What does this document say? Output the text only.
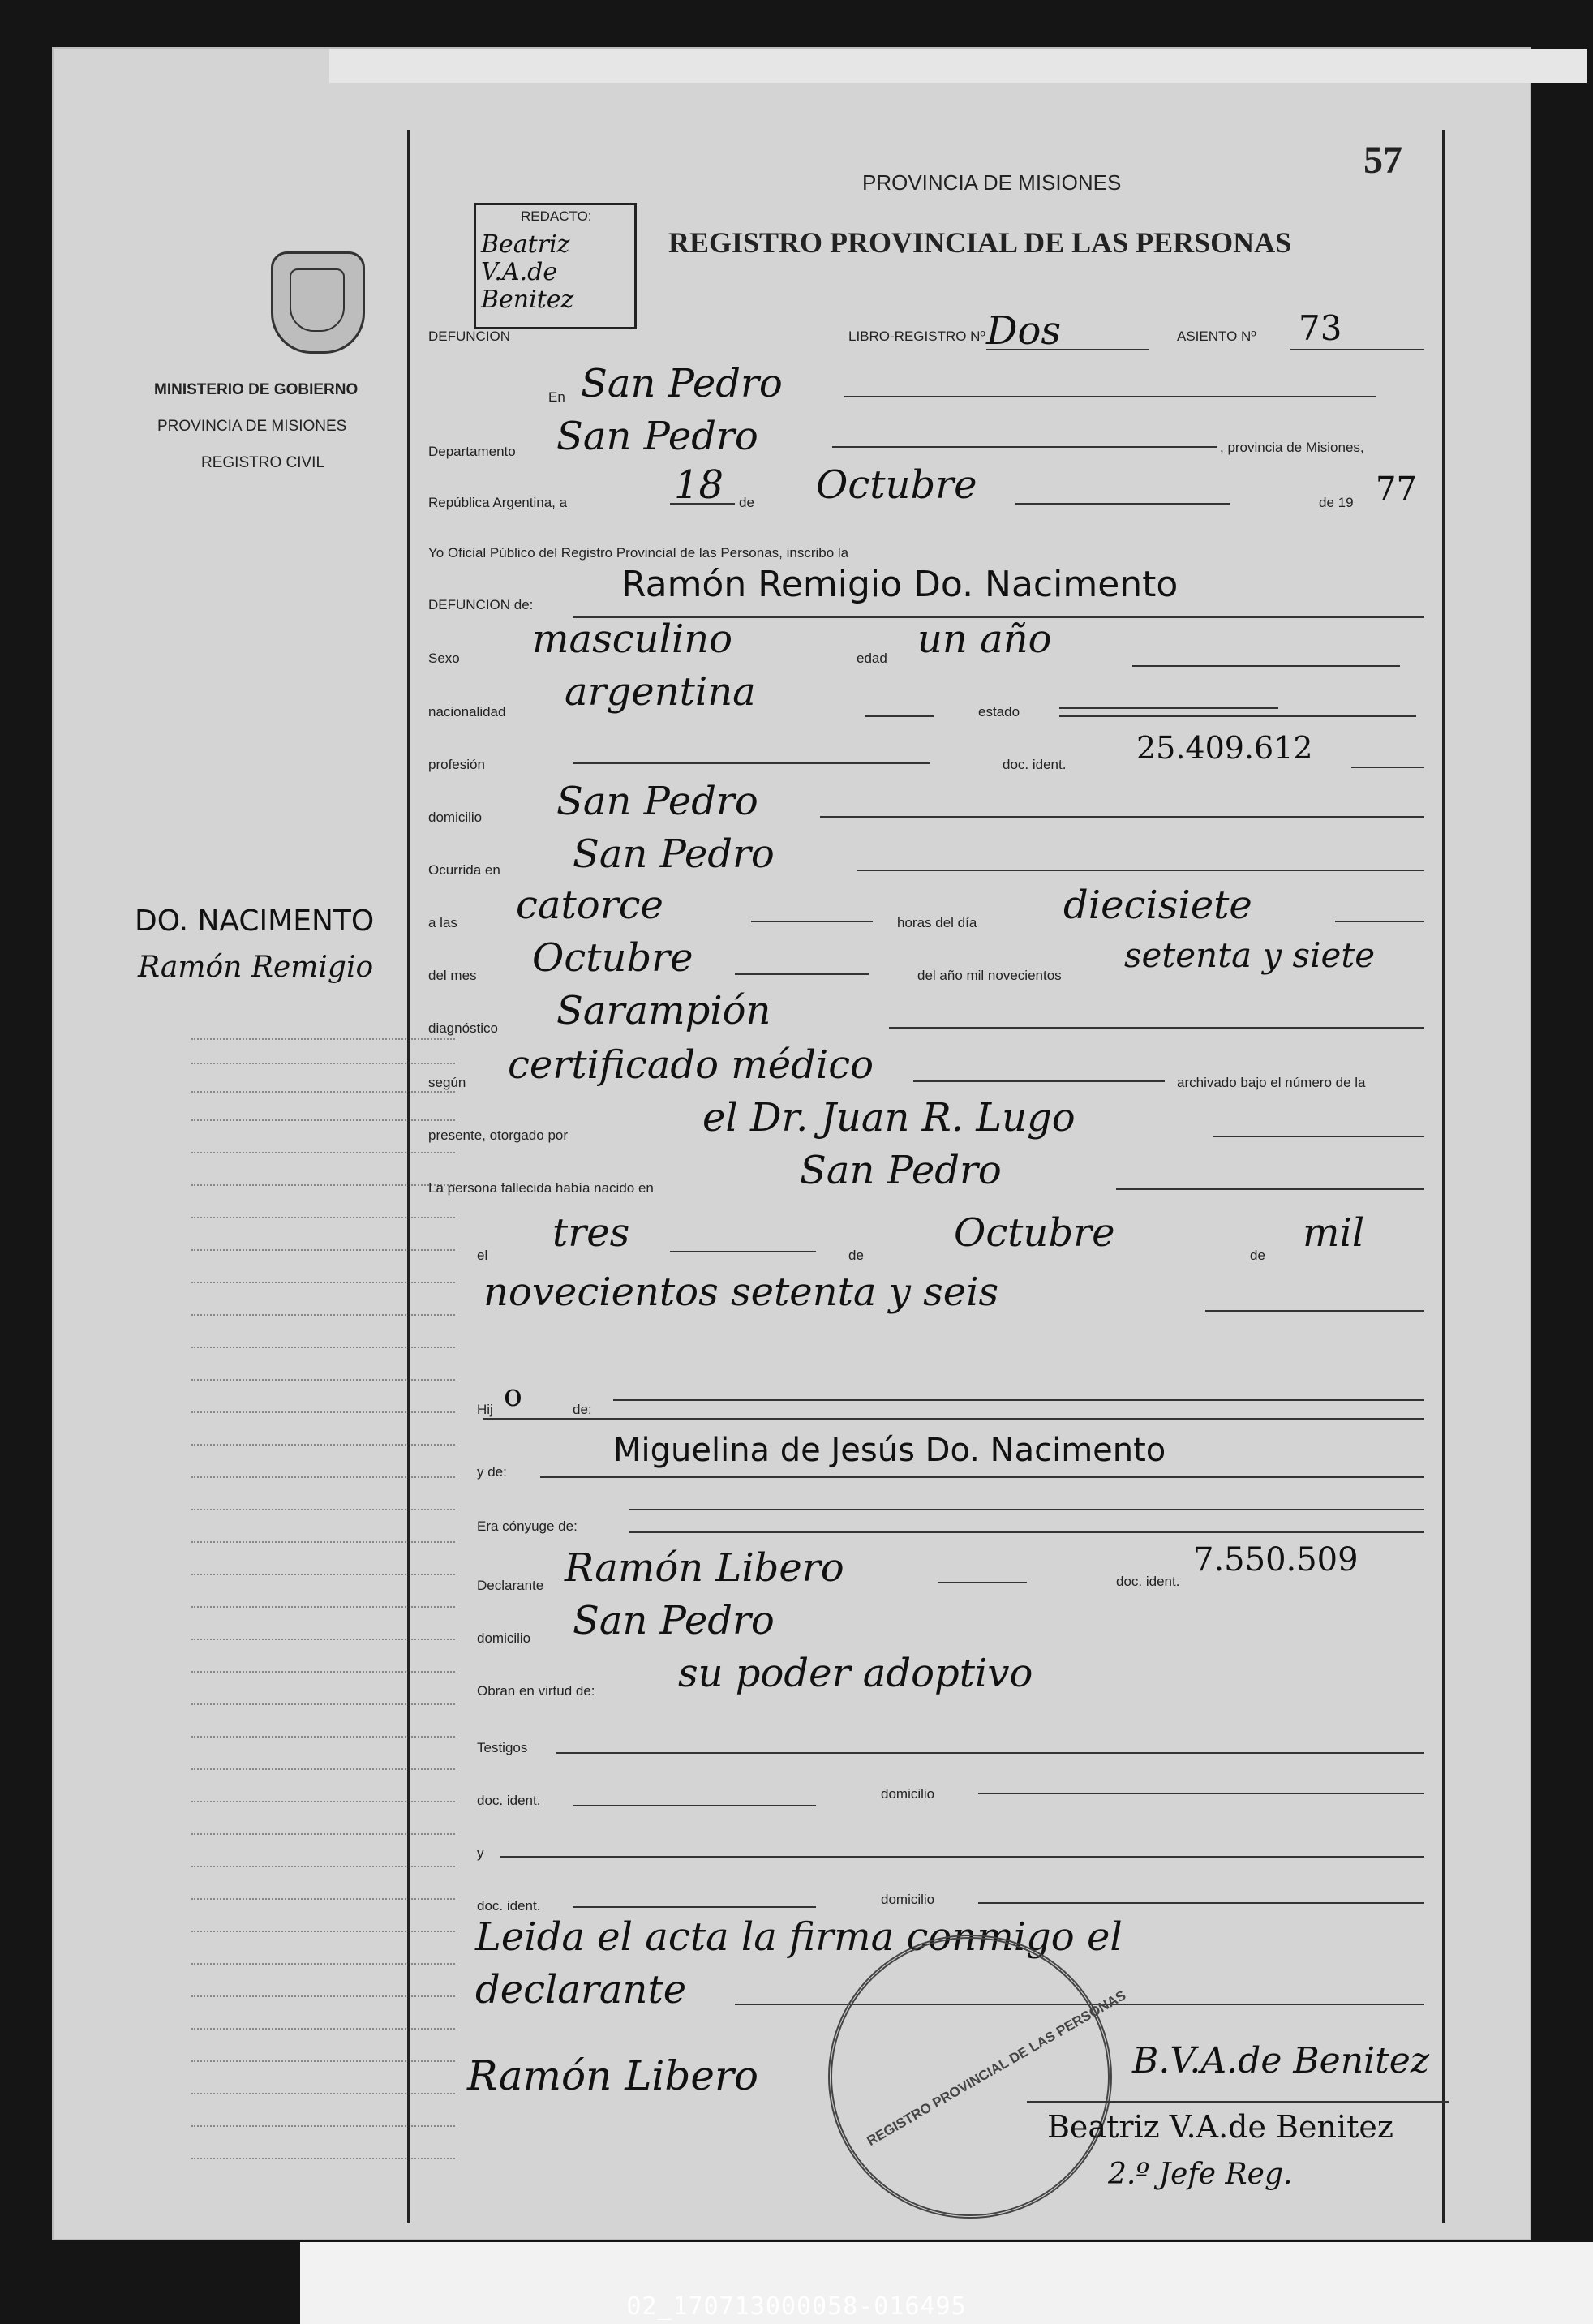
MINISTERIO DE GOBIERNO
PROVINCIA DE MISIONES
REGISTRO CIVIL
DO. NACIMENTO
Ramón Remigio
REDACTO:
Beatriz V.A.de Benitez
57
PROVINCIA DE MISIONES
REGISTRO PROVINCIAL DE LAS PERSONAS
DEFUNCION	LIBRO-REGISTRO Nº Dos	ASIENTO Nº 73
En San Pedro
Departamento San Pedro	, provincia de Misiones,
República Argentina, a	18 de Octubre	de 19 77
Yo Oficial Público del Registro Provincial de las Personas, inscribo la
DEFUNCION de: Ramón Remigio Do. Nacimento
Sexo masculino	edad un año
nacionalidad argentina	estado
profesión	doc. ident. 25.409.612
domicilio San Pedro
Ocurrida en San Pedro
a las catorce	horas del día diecisiete
del mes Octubre	del año mil novecientos
setenta y siete
diagnóstico Sarampión
según certificado médico	archivado bajo el número de la
presente, otorgado por	el Dr. Juan R. Lugo
La persona fallecida había nacido en	San Pedro
el tres	de Octubre	de mil
novecientos setenta y seis
Hij o	de:
y de:
Miguelina de Jesús Do. Nacimento
Era cónyuge de:
Declarante Ramón Libero	doc. ident.
7.550.509
domicilio San Pedro
Obran en virtud de: su poder adoptivo
Testigos
doc. ident.	domicilio
y
doc. ident.	domicilio
Leida el acta la firma conmigo el
declarante	REGISTRO PROVINCIAL DE LAS PERSONAS
Ramón Libero	B.V.A.de Benitez
Beatriz V.A.de Benitez
2.º Jefe Reg.
02_170713000058-016495
